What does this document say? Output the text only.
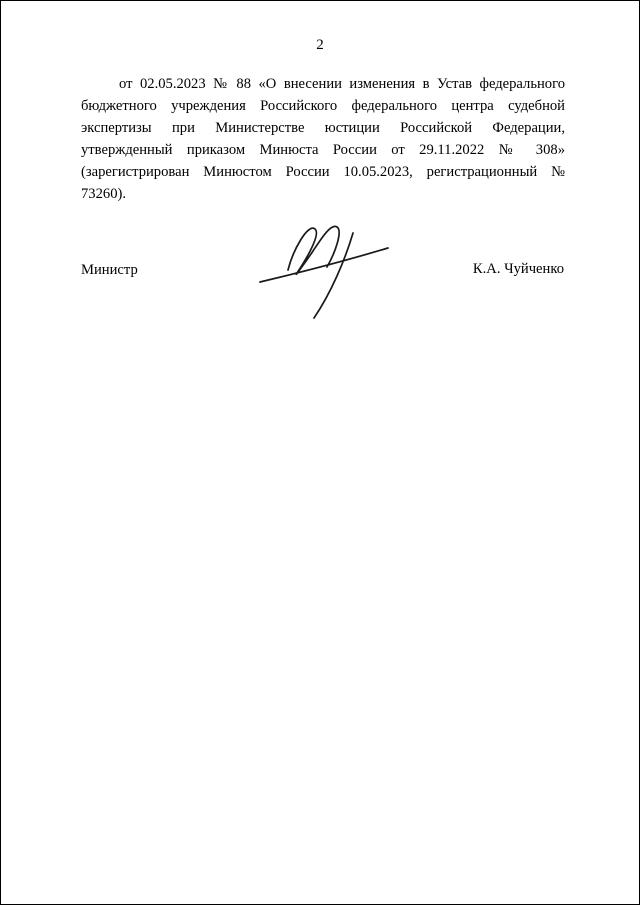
2

от 02.05.2023 № 88 «О внесении изменения в Устав федерального бюджетного учреждения Российского федерального центра судебной экспертизы при Министерстве юстиции Российской Федерации, утвержденный приказом Минюста России от 29.11.2022 № 308» (зарегистрирован Минюстом России 10.05.2023, регистрационный № 73260).

Министр	К.А. Чуйченко
